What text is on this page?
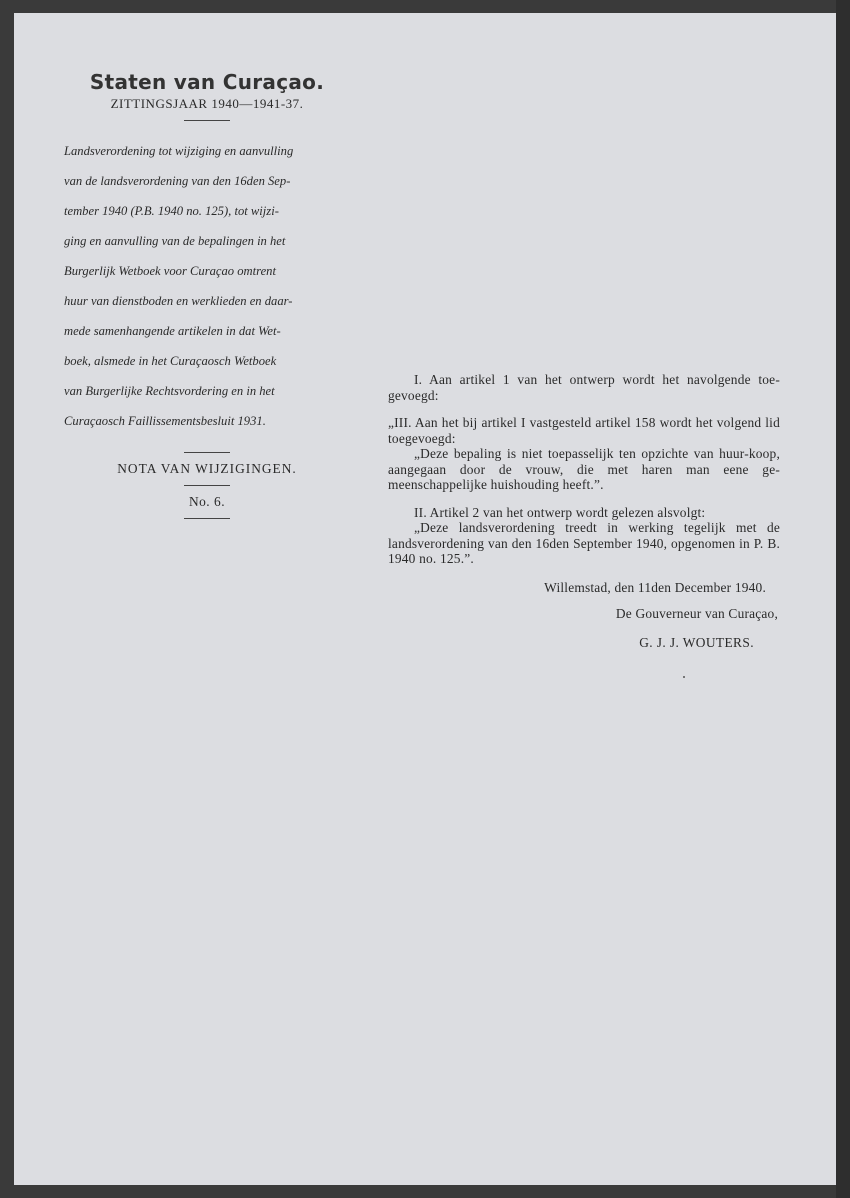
Staten van Curaçao.
ZITTINGSJAAR 1940—1941-37.

Landsverordening tot wijziging en aanvulling

van de landsverordening van den 16den Sep-

tember 1940 (P.B. 1940 no. 125), tot wijzi-

ging en aanvulling van de bepalingen in het

Burgerlijk Wetboek voor Curaçao omtrent

huur van dienstboden en werklieden en daar-

mede samenhangende artikelen in dat Wet-

boek, alsmede in het Curaçaosch Wetboek

van Burgerlijke Rechtsvordering en in het

Curaçaosch Faillissementsbesluit 1931.

NOTA VAN WIJZIGINGEN.
No. 6.

I. Aan artikel 1 van het ontwerp wordt het navolgende toe-gevoegd:

„III. Aan het bij artikel I vastgesteld artikel 158 wordt het volgend lid toegevoegd:

„Deze bepaling is niet toepasselijk ten opzichte van huur-koop, aangegaan door de vrouw, die met haren man eene ge-meenschappelijke huishouding heeft.”.

II. Artikel 2 van het ontwerp wordt gelezen alsvolgt:

„Deze landsverordening treedt in werking tegelijk met de landsverordening van den 16den September 1940, opgenomen in P. B. 1940 no. 125.”.

Willemstad, den 11den December 1940.

De Gouverneur van Curaçao,

G. J. J. WOUTERS.
